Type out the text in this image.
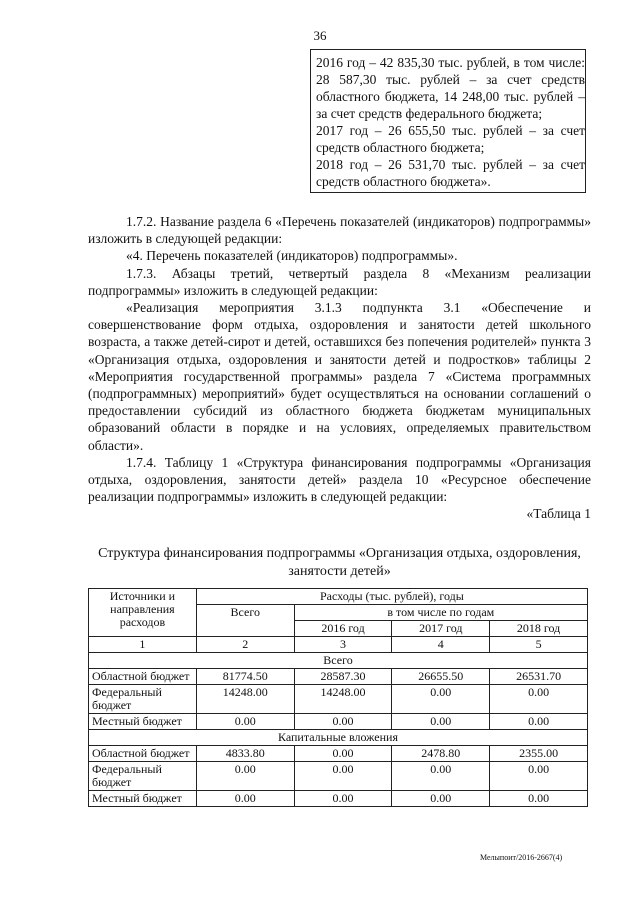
36

2016 год – 42 835,30 тыс. рублей, в том числе: 28 587,30 тыс. рублей – за счет средств областного бюджета, 14 248,00 тыс. рублей – за счет средств федерального бюджета;

2017 год – 26 655,50 тыс. рублей – за счет средств областного бюджета;

2018 год – 26 531,70 тыс. рублей – за счет средств областного бюджета».

1.7.2. Название раздела 6 «Перечень показателей (индикаторов) подпрограммы» изложить в следующей редакции:

«4. Перечень показателей (индикаторов) подпрограммы».

1.7.3. Абзацы третий, четвертый раздела 8 «Механизм реализации подпрограммы» изложить в следующей редакции:

«Реализация мероприятия 3.1.3 подпункта 3.1 «Обеспечение и совершенствование форм отдыха, оздоровления и занятости детей школьного возраста, а также детей-сирот и детей, оставшихся без попечения родителей» пункта 3 «Организация отдыха, оздоровления и занятости детей и подростков» таблицы 2 «Мероприятия государственной программы» раздела 7 «Система программных (подпрограммных) мероприятий» будет осуществляться на основании соглашений о предоставлении субсидий из областного бюджета бюджетам муниципальных образований области в порядке и на условиях, определяемых правительством области».

1.7.4. Таблицу 1 «Структура финансирования подпрограммы «Организация отдыха, оздоровления, занятости детей» раздела 10 «Ресурсное обеспечение реализации подпрограммы» изложить в следующей редакции:

«Таблица 1

Структура финансирования подпрограммы «Организация отдыха, оздоровления, занятости детей»
Источники и направления расходов	Расходы (тыс. рублей), годы			
	Всего	в том числе по годам		
		2016 год	2017 год	2018 год
1	2	3	4	5
Всего				
Областной бюджет	81774.50	28587.30	26655.50	26531.70
Федеральный бюджет	14248.00	14248.00	0.00	0.00
Местный бюджет	0.00	0.00	0.00	0.00
Капитальные вложения				
Областной бюджет	4833.80	0.00	2478.80	2355.00
Федеральный бюджет	0.00	0.00	0.00	0.00
Местный бюджет	0.00	0.00	0.00	0.00
Мелыпоит/2016-2667(4)
